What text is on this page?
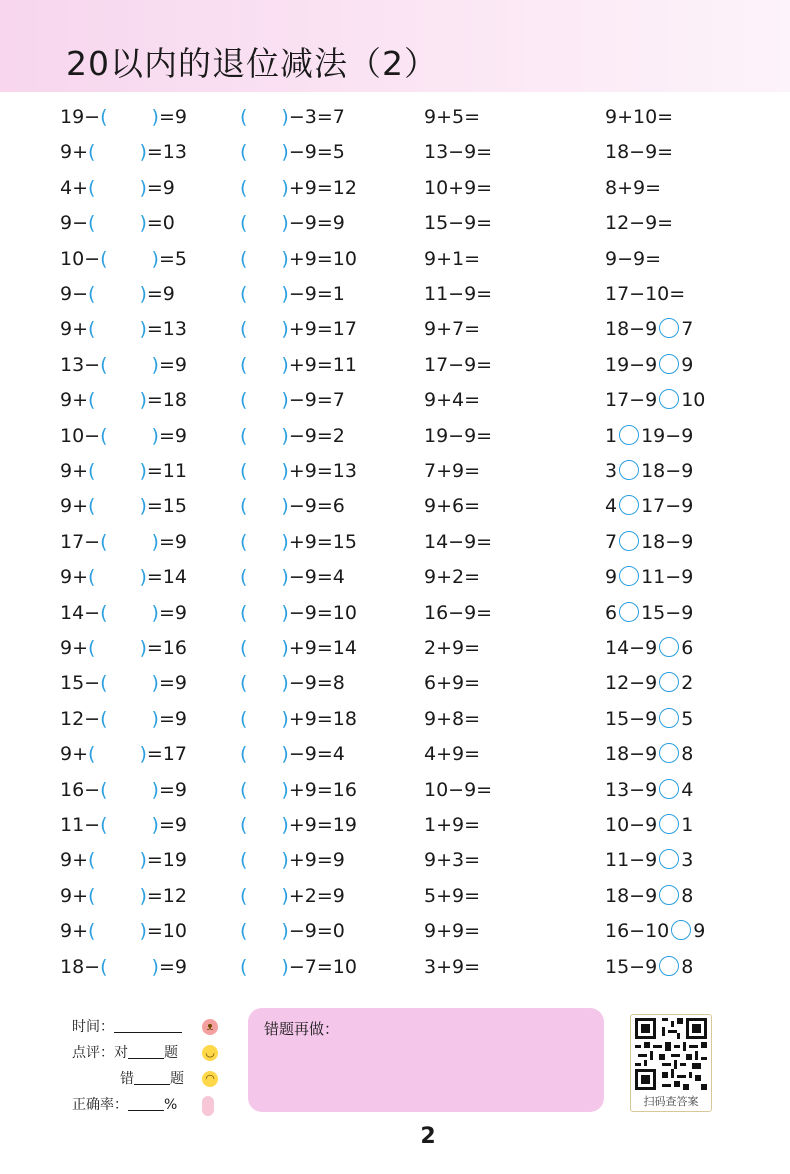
20以内的退位减法（2）
19−( )=9	( )−3=7	9+5=	9+10=
9+( )=13	( )−9=5	13−9=	18−9=
4+( )=9	( )+9=12	10+9=	8+9=
9−( )=0	( )−9=9	15−9=	12−9=
10−( )=5	( )+9=10	9+1=	9−9=
9−( )=9	( )−9=1	11−9=	17−10=
9+( )=13	( )+9=17	9+7=	18−9 7
13−( )=9	( )+9=11	17−9=	19−9 9
9+( )=18	( )−9=7	9+4=	17−9 10
10−( )=9	( )−9=2	19−9=	1 19−9
9+( )=11	( )+9=13	7+9=	3 18−9
9+( )=15	( )−9=6	9+6=	4 17−9
17−( )=9	( )+9=15	14−9=	7 18−9
9+( )=14	( )−9=4	9+2=	9 11−9
14−( )=9	( )−9=10	16−9=	6 15−9
9+( )=16	( )+9=14	2+9=	14−9 6
15−( )=9	( )−9=8	6+9=	12−9 2
12−( )=9	( )+9=18	9+8=	15−9 5
9+( )=17	( )−9=4	4+9=	18−9 8
16−( )=9	( )+9=16	10−9=	13−9 4
11−( )=9	( )+9=19	1+9=	10−9 1
9+( )=19	( )+9=9	9+3=	11−9 3
9+( )=12	( )+2=9	5+9=	18−9 8
9+( )=10	( )−9=0	9+9=	16−10 9
18−( )=9	( )−7=10	3+9=	15−9 8
时间：
点评：对	题
错	题
正确率：	%
ᴥ
◡
◠
错题再做：
扫码查答案
2
